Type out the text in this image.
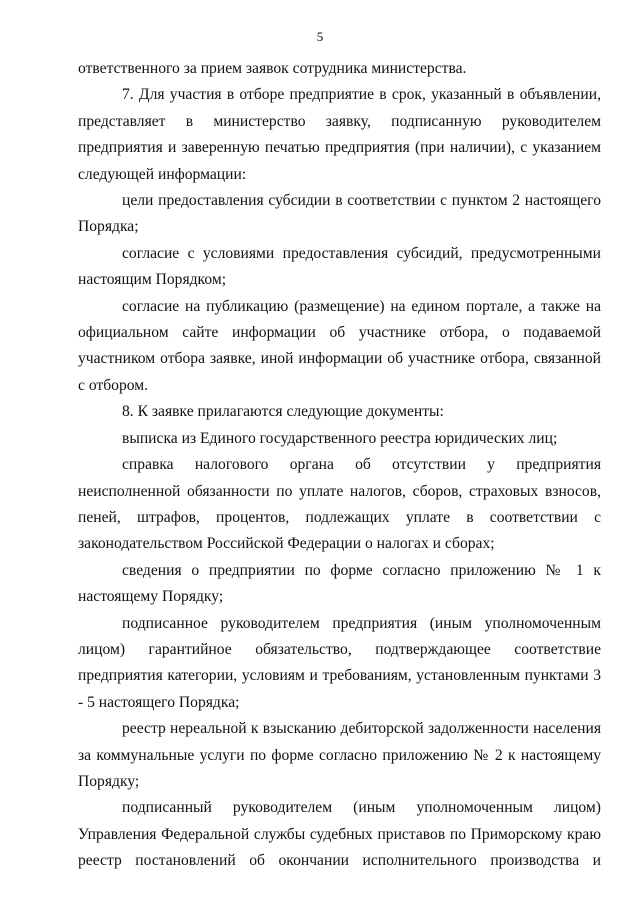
5

ответственного за прием заявок сотрудника министерства.

7. Для участия в отборе предприятие в срок, указанный в объявлении, представляет в министерство заявку, подписанную руководителем предприятия и заверенную печатью предприятия (при наличии), с указанием следующей информации:

цели предоставления субсидии в соответствии с пунктом 2 настоящего Порядка;

согласие с условиями предоставления субсидий, предусмотренными настоящим Порядком;

согласие на публикацию (размещение) на едином портале, а также на официальном сайте информации об участнике отбора, о подаваемой участником отбора заявке, иной информации об участнике отбора, связанной с отбором.

8. К заявке прилагаются следующие документы:

выписка из Единого государственного реестра юридических лиц;

справка налогового органа об отсутствии у предприятия неисполненной обязанности по уплате налогов, сборов, страховых взносов, пеней, штрафов, процентов, подлежащих уплате в соответствии с законодательством Российской Федерации о налогах и сборах;

сведения о предприятии по форме согласно приложению № 1 к настоящему Порядку;

подписанное руководителем предприятия (иным уполномоченным лицом) гарантийное обязательство, подтверждающее соответствие предприятия категории, условиям и требованиям, установленным пунктами 3 - 5 настоящего Порядка;

реестр нереальной к взысканию дебиторской задолженности населения за коммунальные услуги по форме согласно приложению № 2 к настоящему Порядку;

подписанный руководителем (иным уполномоченным лицом) Управления Федеральной службы судебных приставов по Приморскому краю реестр постановлений об окончании исполнительного производства и
